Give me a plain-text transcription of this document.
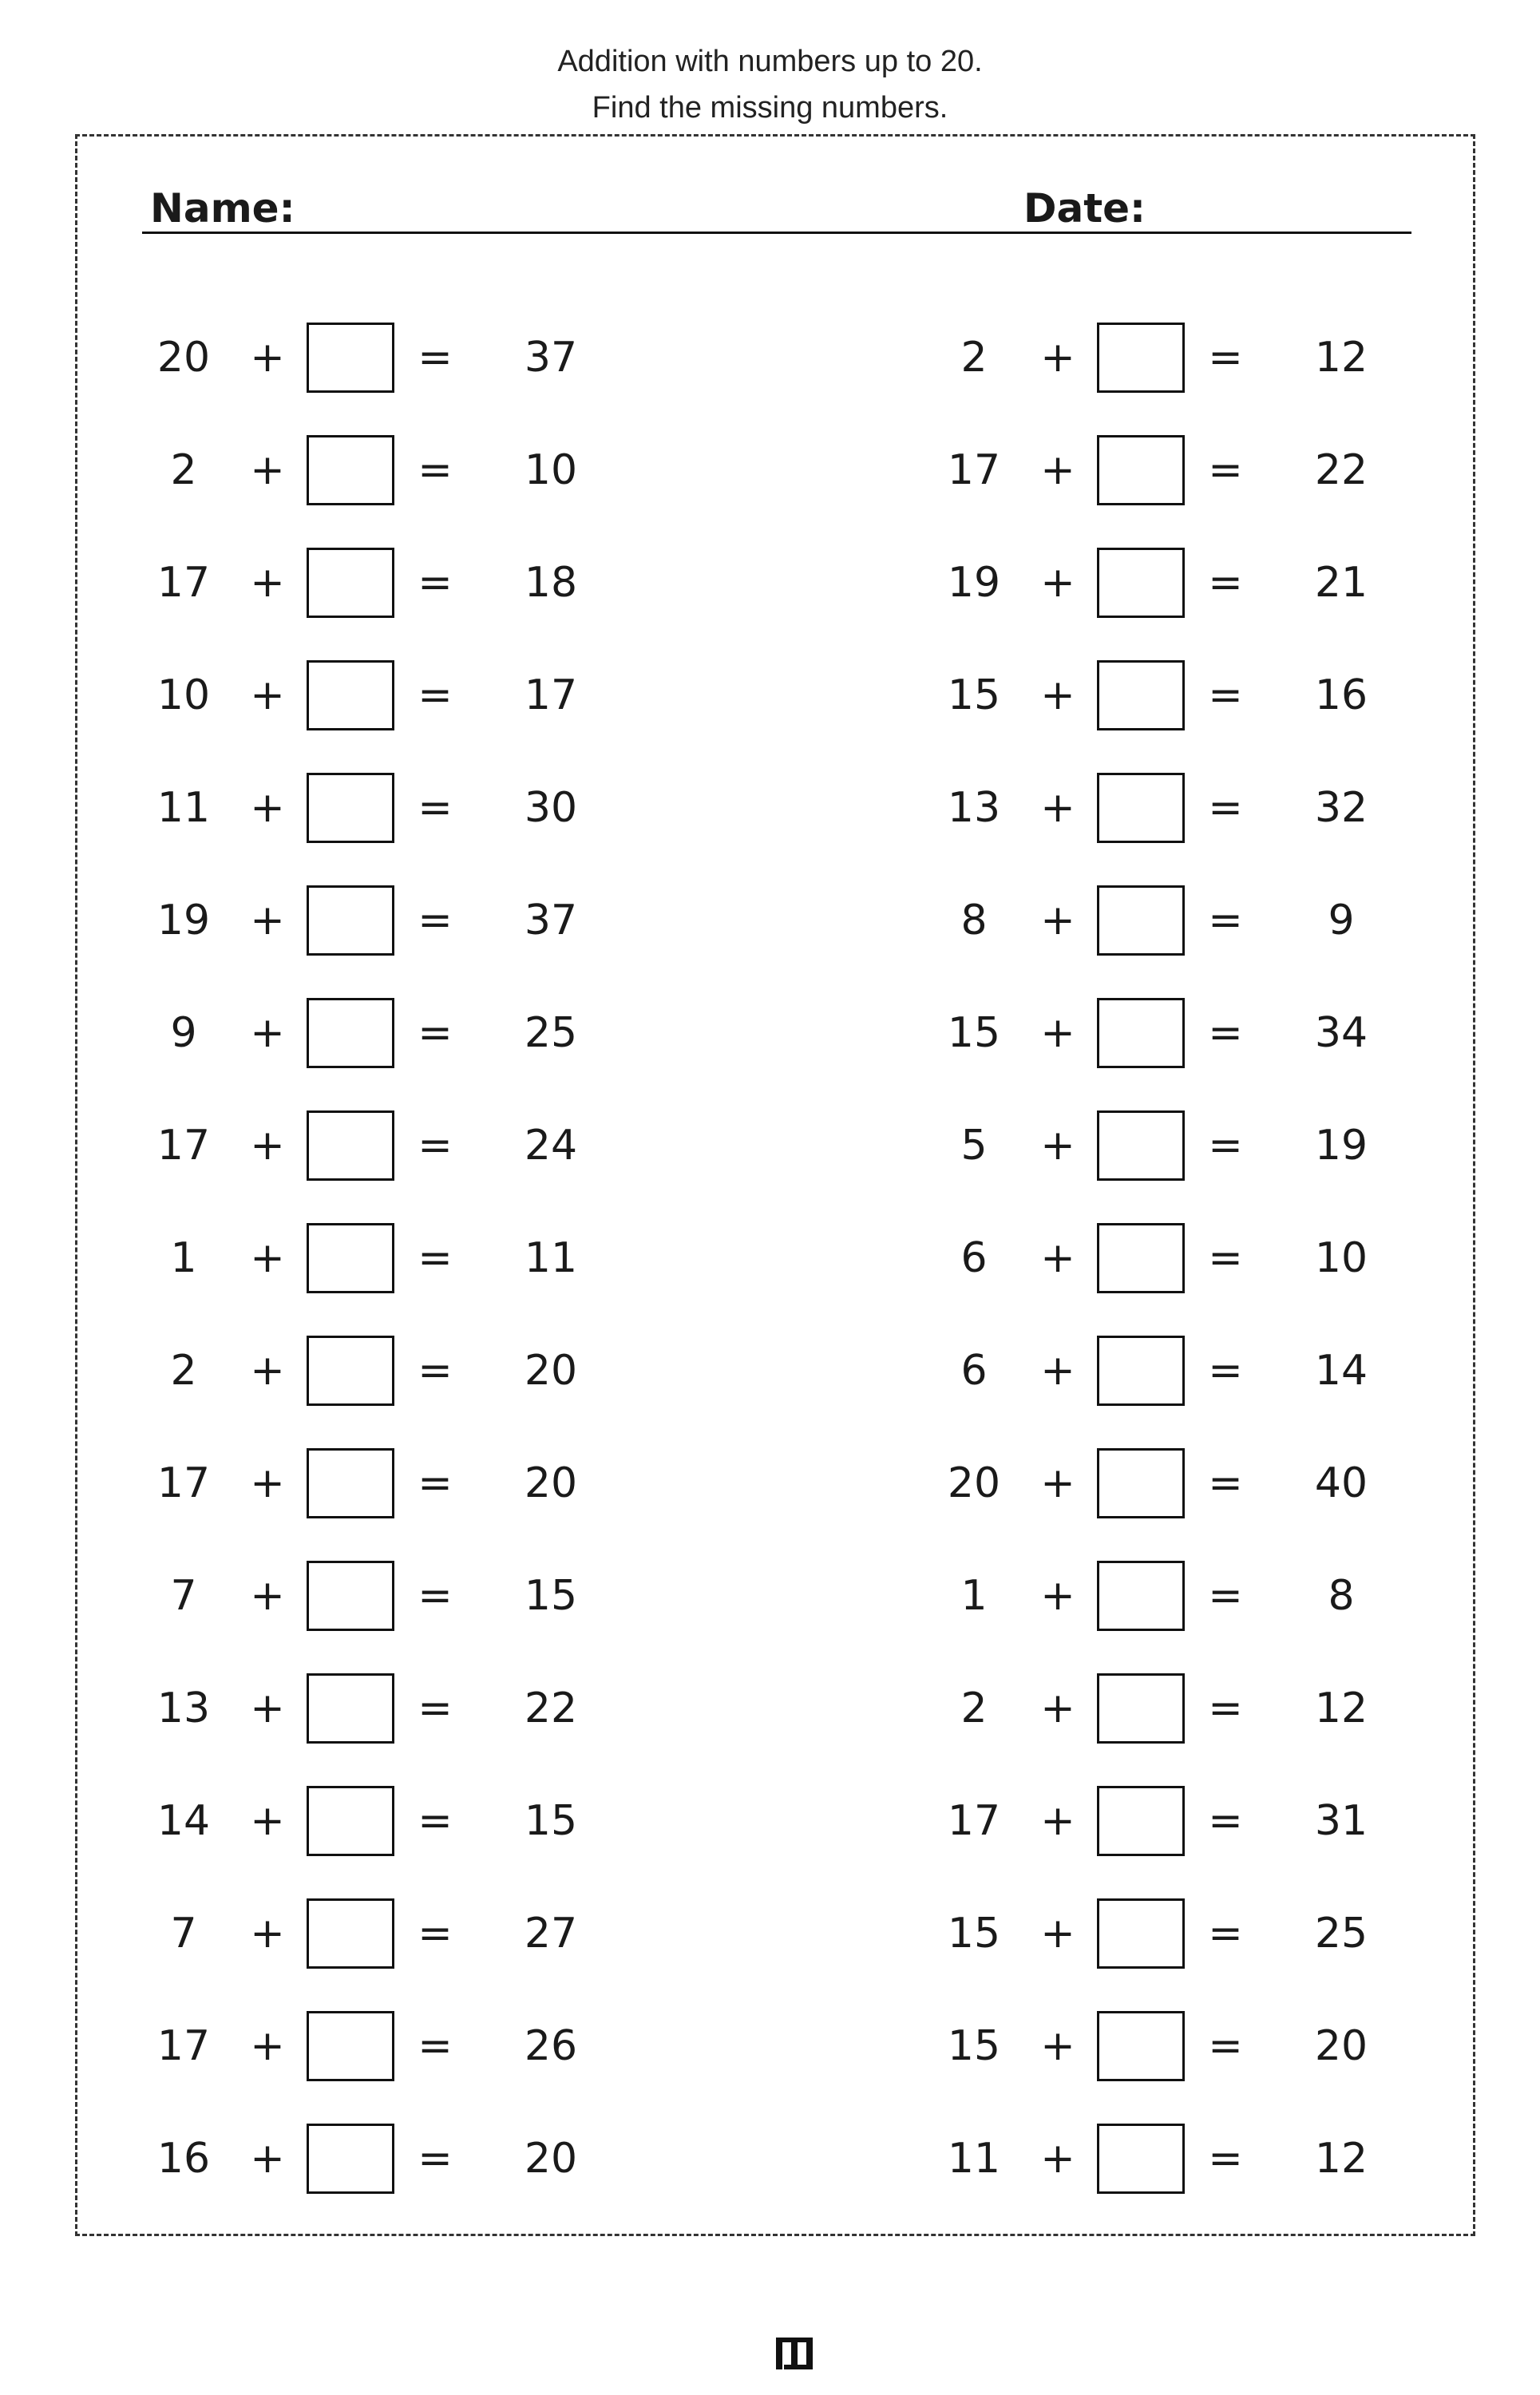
Addition with numbers up to 20.
Find the missing numbers.
Name:	Date:
20 +	=	37
2	+	=	10
17 +	=	18
10 +	=	17
11 +	=	30
19 +	=	37
9	+	=	25
17 +	=	24
1	+	=	11
2	+	=	20
17 +	=	20
7	+	=	15
13 +	=	22
14 +	=	15
7	+	=	27
17 +	=	26
16 +	=	20
2	+	=	12
17 +	=	22
19 +	=	21
15 +	=	16
13 +	=	32
8	+	=	9
15 +	=	34
5	+	=	19
6	+	=	10
6	+	=	14
20 +	=	40
1	+	=	8
2	+	=	12
17 +	=	31
15 +	=	25
15 +	=	20
11 +	=	12
